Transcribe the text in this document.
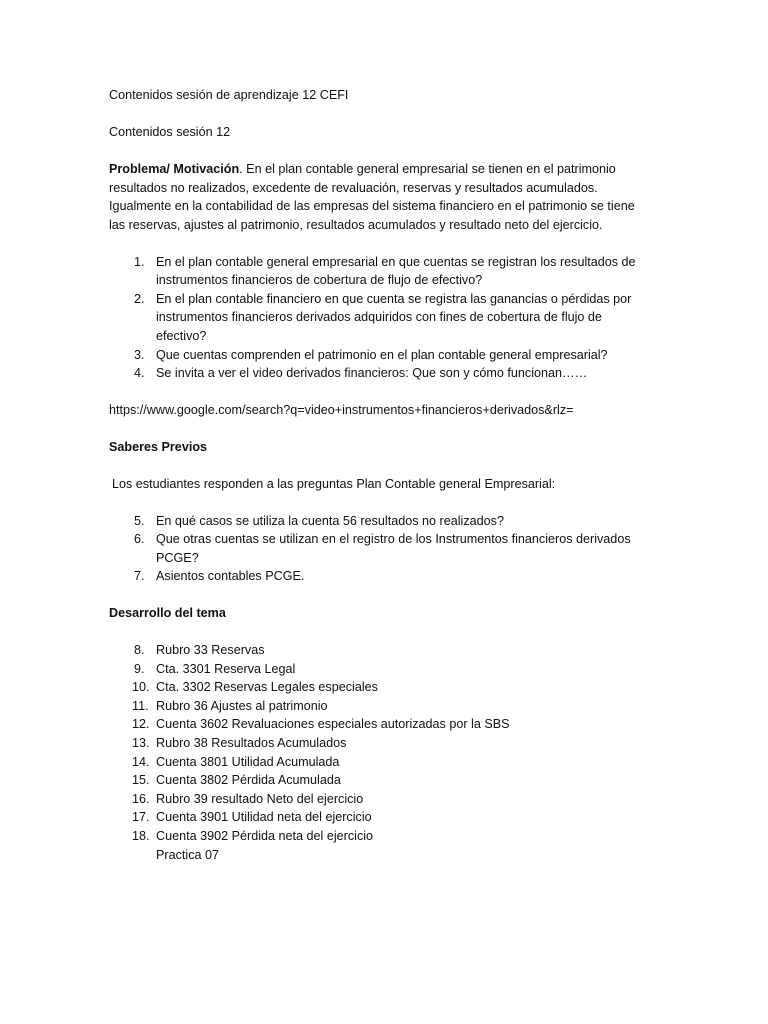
Contenidos sesión de aprendizaje 12 CEFI

Contenidos sesión 12

Problema/ Motivación. En el plan contable general empresarial se tienen en el patrimonio
resultados no realizados, excedente de revaluación, reservas y resultados acumulados.
Igualmente en la contabilidad de las empresas del sistema financiero en el patrimonio se tiene
las reservas, ajustes al patrimonio, resultados acumulados y resultado neto del ejercicio.
1. En el plan contable general empresarial en que cuentas se registran los resultados de
instrumentos financieros de cobertura de flujo de efectivo?
2. En el plan contable financiero en que cuenta se registra las ganancias o pérdidas por
instrumentos financieros derivados adquiridos con fines de cobertura de flujo de
efectivo?
3. Que cuentas comprenden el patrimonio en el plan contable general empresarial?
4. Se invita a ver el video derivados financieros: Que son y cómo funcionan……

https://www.google.com/search?q=video+instrumentos+financieros+derivados&rlz=

Saberes Previos

Los estudiantes responden a las preguntas Plan Contable general Empresarial:

5. En qué casos se utiliza la cuenta 56 resultados no realizados?
6. Que otras cuentas se utilizan en el registro de los Instrumentos financieros derivados
PCGE?
7. Asientos contables PCGE.

Desarrollo del tema

8. Rubro 33 Reservas
9. Cta. 3301 Reserva Legal
10. Cta. 3302 Reservas Legales especiales
11. Rubro 36 Ajustes al patrimonio
12. Cuenta 3602 Revaluaciones especiales autorizadas por la SBS
13. Rubro 38 Resultados Acumulados
14. Cuenta 3801 Utilidad Acumulada
15. Cuenta 3802 Pérdida Acumulada
16. Rubro 39 resultado Neto del ejercicio
17. Cuenta 3901 Utilidad neta del ejercicio
18. Cuenta 3902 Pérdida neta del ejercicio

Practica 07
